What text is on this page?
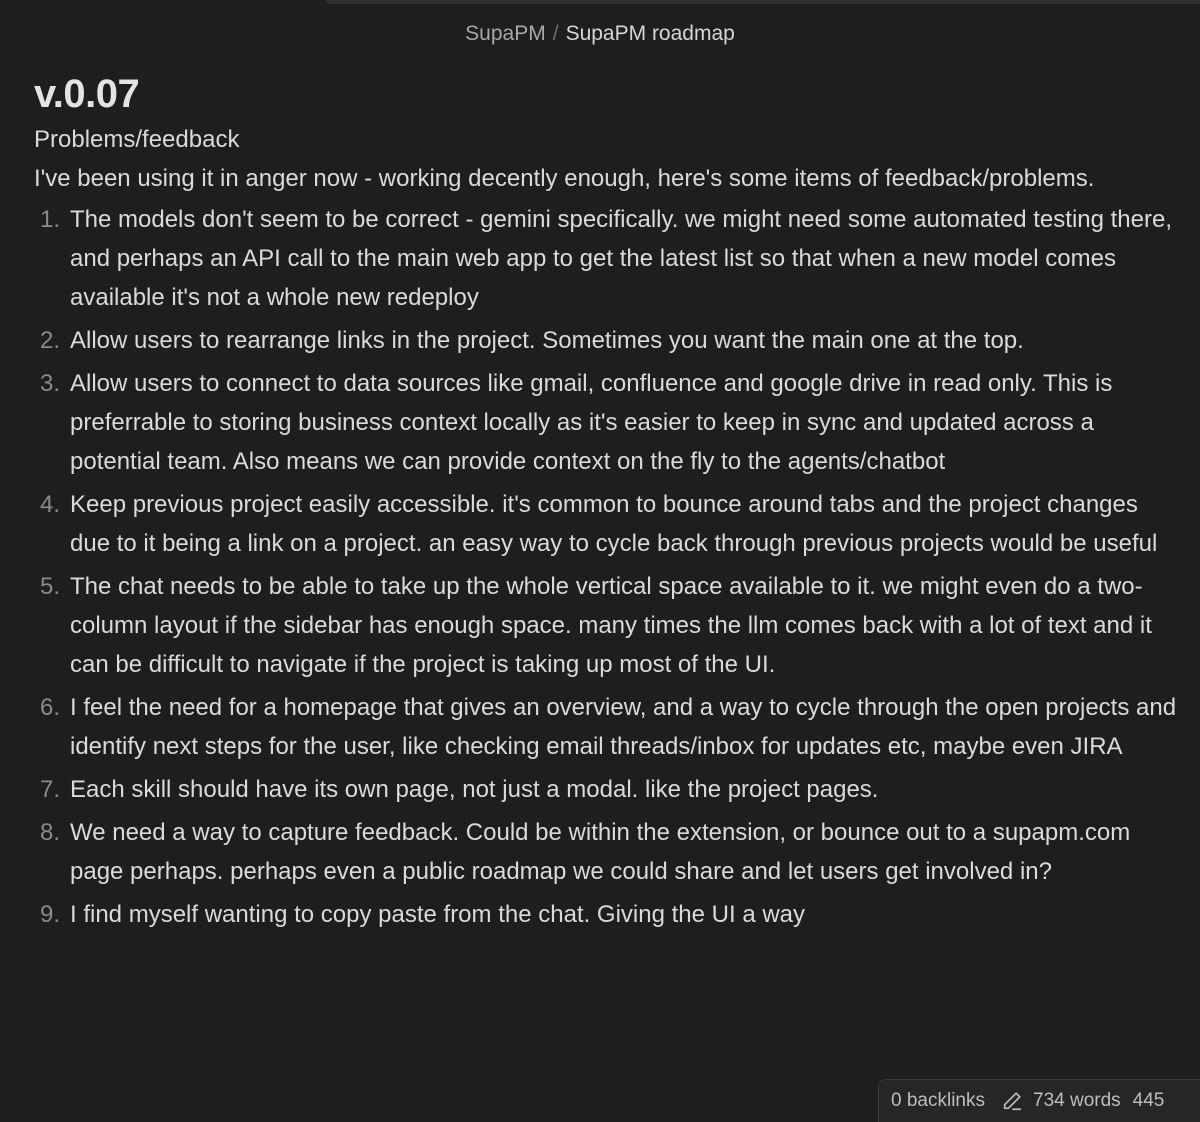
SupaPM / SupaPM roadmap
v.0.07

Problems/feedback

I've been using it in anger now - working decently enough, here's some items of feedback/problems.

1. The models don't seem to be correct - gemini specifically. we might need some automated testing there, and perhaps an API call to the main web app to get the latest list so that when a new model comes available it's not a whole new redeploy
2. Allow users to rearrange links in the project. Sometimes you want the main one at the top.
3. Allow users to connect to data sources like gmail, confluence and google drive in read only. This is preferrable to storing business context locally as it's easier to keep in sync and updated across a potential team. Also means we can provide context on the fly to the agents/chatbot
4. Keep previous project easily accessible. it's common to bounce around tabs and the project changes due to it being a link on a project. an easy way to cycle back through previous projects would be useful
5. The chat needs to be able to take up the whole vertical space available to it. we might even do a two-column layout if the sidebar has enough space. many times the llm comes back with a lot of text and it can be difficult to navigate if the project is taking up most of the UI.
6. I feel the need for a homepage that gives an overview, and a way to cycle through the open projects and identify next steps for the user, like checking email threads/inbox for updates etc, maybe even JIRA
7. Each skill should have its own page, not just a modal. like the project pages.
8. We need a way to capture feedback. Could be within the extension, or bounce out to a supapm.com page perhaps. perhaps even a public roadmap we could share and let users get involved in?
9. I find myself wanting to copy paste from the chat. Giving the UI a way
0 backlinks	734 words 445
